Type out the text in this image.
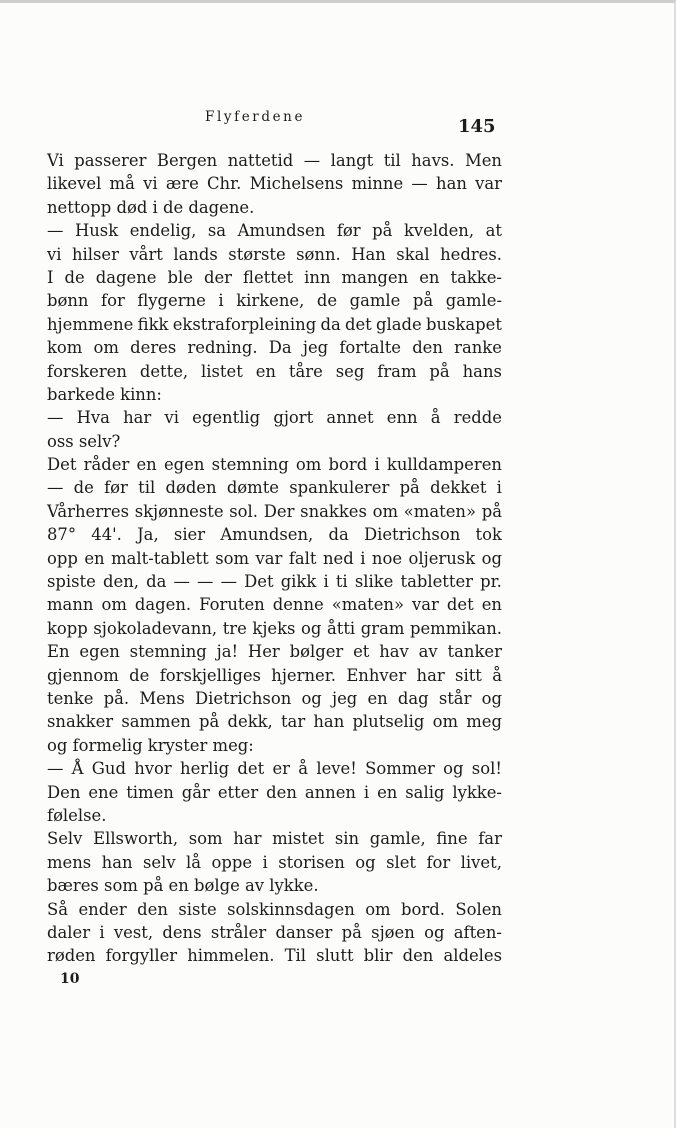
Flyferdene	145
Vi passerer Bergen nattetid — langt til havs. Men
likevel må vi ære Chr. Michelsens minne — han var
nettopp død i de dagene.
— Husk endelig, sa Amundsen før på kvelden, at
vi hilser vårt lands største sønn. Han skal hedres.
I de dagene ble der flettet inn mangen en takke-
bønn for flygerne i kirkene, de gamle på gamle-
hjemmene fikk ekstraforpleining da det glade buskapet
kom om deres redning. Da jeg fortalte den ranke
forskeren dette, listet en tåre seg fram på hans
barkede kinn:
— Hva har vi egentlig gjort annet enn å redde
oss selv?
Det råder en egen stemning om bord i kulldamperen
— de før til døden dømte spankulerer på dekket i
Vårherres skjønneste sol. Der snakkes om «maten» på
87° 44'. Ja, sier Amundsen, da Dietrichson tok
opp en malt-tablett som var falt ned i noe oljerusk og
spiste den, da — — — Det gikk i ti slike tabletter pr.
mann om dagen. Foruten denne «maten» var det en
kopp sjokoladevann, tre kjeks og åtti gram pemmikan.
En egen stemning ja! Her bølger et hav av tanker
gjennom de forskjelliges hjerner. Enhver har sitt å
tenke på. Mens Dietrichson og jeg en dag står og
snakker sammen på dekk, tar han plutselig om meg
og formelig kryster meg:
— Å Gud hvor herlig det er å leve! Sommer og sol!
Den ene timen går etter den annen i en salig lykke-
følelse.
Selv Ellsworth, som har mistet sin gamle, fine far
mens han selv lå oppe i storisen og slet for livet,
bæres som på en bølge av lykke.
Så ender den siste solskinnsdagen om bord. Solen
daler i vest, dens stråler danser på sjøen og aften-
røden forgyller himmelen. Til slutt blir den aldeles
10
